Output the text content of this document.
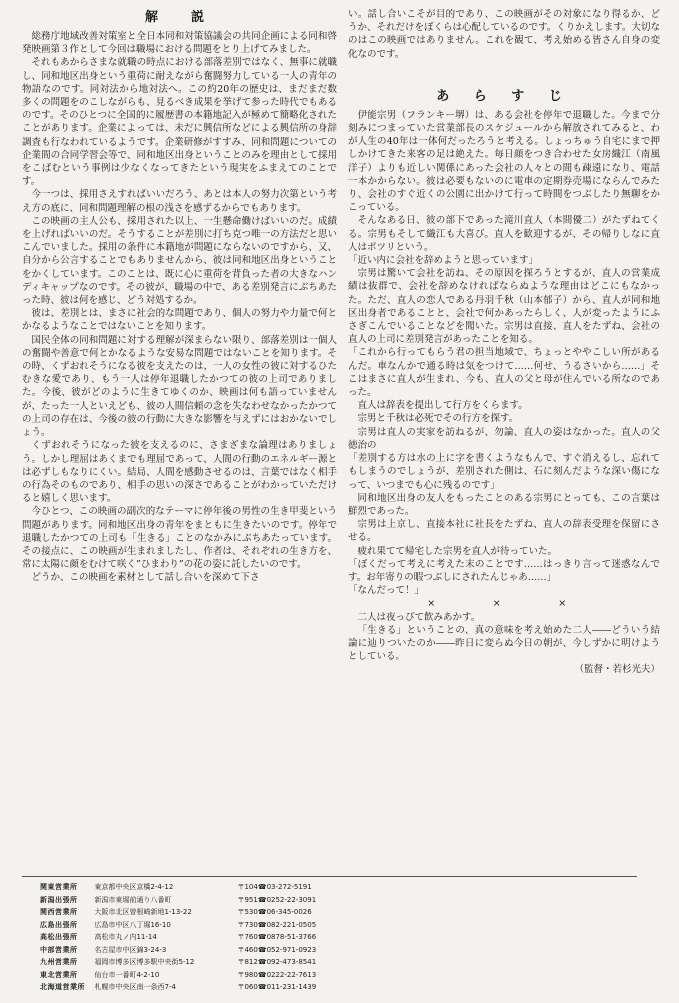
解　説

総務庁地域改善対策室と全日本同和対策協議会の共同企画による同和啓発映画第３作として今回は職場における問題をとり上げてみました。

それもあからさまな就職の時点における部落差別ではなく、無事に就職し、同和地区出身という重荷に耐えながら奮闘努力している一人の青年の物語なのです。同対法から地対法へ。この約20年の歴史は、まだまだ数多くの問題をのこしながらも、見るべき成果を挙げて参った時代でもあるのです。そのひとつに全国的に履歴書の本籍地記入が極めて簡略化されたことがあります。企業によっては、未だに興信所などによる興信所の身辞調査も行なわれているようです。企業研修がすすみ、同和問題についての企業間の合同学習会等で、同和地区出身ということのみを理由として採用をこばむという事例は少なくなってきたという現実をふまえてのことです。

今一つは、採用さえすればいいだろう、あとは本人の努力次第という考え方の底に、同和問題理解の根の浅さを感ずるからでもあります。

この映画の主人公も、採用された以上、一生懸命働けばいいのだ。成績を上げればいいのだ。そうすることが差別に打ち克つ唯一の方法だと思いこんでいました。採用の条件に本籍地が問題にならないのですから、又、自分から公言することでもありませんから、彼は同和地区出身ということをかくしています。このことは、既に心に重荷を背負った者の大きなハンディキャップなのです。その彼が、職場の中で、ある差別発言にぶちあたった時、彼は何を感じ、どう対処するか。

彼は、差別とは、まさに社会的な問題であり、個人の努力や力量で何とかなるようなことではないことを知ります。

国民全体の同和問題に対する理解が深まらない限り、部落差別は一個人の奮闘や善意で何とかなるような安易な問題ではないことを知ります。その時、くずおれそうになる彼を支えたのは、一人の女性の彼に対するひたむきな愛であり、もう一人は停年退職したかつての彼の上司でありました。今後、彼がどのように生きてゆくのか、映画は何も語っていませんが、たった一人といえども、彼の人間信頼の念を失なわせなかったかつての上司の存在は、今後の彼の行動に大きな影響を与えずにはおかないでしょう。

くずおれそうになった彼を支えるのに、さまざまな論理はありましょう。しかし理屈はあくまでも理屈であって、人間の行動のエネルギー源とは必ずしもなりにくい。結局、人間を感動させるのは、言葉ではなく相手の行為そのものであり、相手の思いの深さであることがわかっていただけると嬉しく思います。

今ひとつ、この映画の副次的なテーマに停年後の男性の生き甲斐という問題があります。同和地区出身の青年をまともに生きたいのです。停年で退職したかつての上司も「生きる」ことのなかみにぶちあたっています。その接点に、この映画が生まれましたし、作者は、それぞれの生き方を、常に太陽に顔をむけて咲く”ひまわり”の花の姿に託したいのです。

どうか、この映画を素材として話し合いを深めて下さ

い。話し合いこそが目的であり、この映画がその対象になり得るか、どうか、それだけをぼくらは心配しているのです。くりかえします。大切なのはこの映画ではありません。これを観て、考え始める皆さん自身の変化なのです。

あ ら す じ

伊能宗男（フランキー堺）は、ある会社を停年で退職した。今まで分刻みにつまっていた営業部長のスケジュールから解放されてみると、わが人生の40年は一体何だったろうと考える。しょっちゅう自宅にまで押しかけてきた来客の足は絶えた。毎日顔をつき合わせた女房織江（南風洋子）よりも近しい関係にあった会社の人々との間も疎遠になり、電話一本かからない。彼は必要もないのに電車の定期券売場にならんでみたり、会社のすぐ近くの公園に出かけて行って時間をつぶしたり無聊をかこっている。

そんなある日、彼の部下であった滝川直人（本間優二）がたずねてくる。宗男もそして織江も大喜び。直人を歓迎するが、その帰りしなに直人はポツリという。

「近い内に会社を辞めようと思っています」

宗男は驚いて会社を訪ね、その原因を探ろうとするが、直人の営業成績は抜群で、会社を辞めなければならぬような理由はどこにもなかった。ただ、直人の恋人である丹羽千秋（山本郁子）から、直人が同和地区出身者であることと、会社で何かあったらしく、人が変ったようにふさぎこんでいることなどを聞いた。宗男は直接、直人をたずね、会社の直人の上司に差別発言があったことを知る。

「これから行ってもらう君の担当地域で、ちょっとややこしい所があるんだ。車なんかで通る時は気をつけて……何せ、うるさいから……」そこはまさに直人が生まれ、今も、直人の父と母が住んでいる所なのであった。

直人は辞表を提出して行方をくらます。

宗男と千秋は必死でその行方を探す。

宗男は直人の実家を訪ねるが、勿論、直人の姿はなかった。直人の父徳治の

「差別する方は水の上に字を書くようなもんで、すぐ消えるし、忘れてもしまうのでしょうが、差別された側は、石に刻んだような深い傷になって、いつまでも心に残るのです」

同和地区出身の友人をもったことのある宗男にとっても、この言葉は鮮烈であった。

宗男は上京し、直接本社に社長をたずね、直人の辞表受理を保留にさせる。

疲れ果てて帰宅した宗男を直人が待っていた。

「ぼくだって考えに考えた末のことです……はっきり言って迷惑なんです。お年寄りの暇つぶしにされたんじゃあ……」

「なんだって！」

×　×　×

二人は夜っぴて飲みあかす。

「生きる」ということの、真の意味を考え始めた二人――どういう結論に辿りついたのか――昨日に変らぬ今日の朝が、今しずかに明けようとしている。

（監督・若杉光夫）

関東営業所	東京都中央区京橋2-4-12	〒104	☎03-272-5191
新潟出張所	新潟市東堀前通り八番町	〒951	☎0252-22-3091
関西営業所	大阪市北区曽根崎新地1-13-22	〒530	☎06-345-0026
広島出張所	広島市中区八丁堀16-10	〒730	☎082-221-0505
高松出張所	高松市丸ノ内11-14	〒760	☎0878-51-3766
中部営業所	名古屋市中区錦3-24-3	〒460	☎052-971-0923
九州営業所	福岡市博多区博多駅中央街5-12	〒812	☎092-473-8541
東北営業所	仙台市一番町4-2-10	〒980	☎0222-22-7613
北海道営業所	札幌市中央区南一条西7-4	〒060	☎011-231-1439
